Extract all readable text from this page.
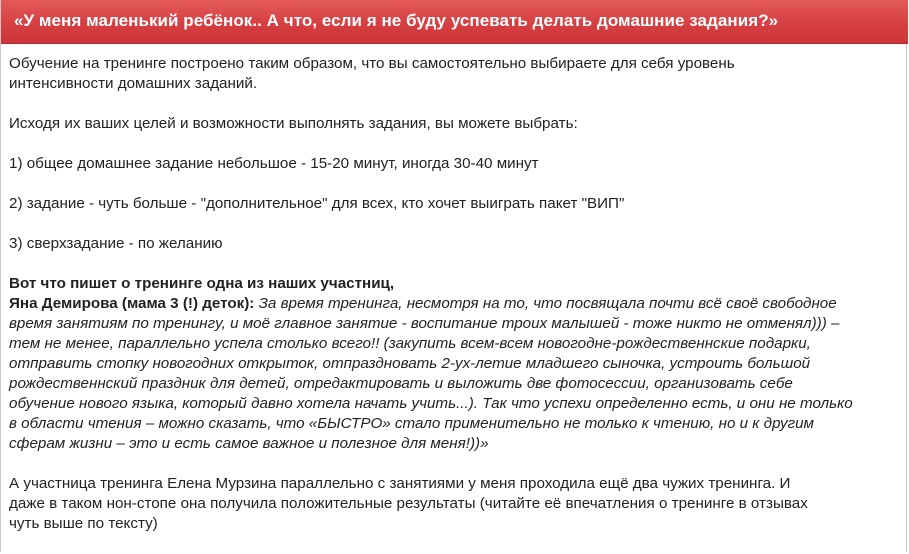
«У меня маленький ребёнок.. А что, если я не буду успевать делать домашние задания?»

Обучение на тренинге построено таким образом, что вы самостоятельно выбираете для себя уровень
интенсивности домашних заданий.

Исходя их ваших целей и возможности выполнять задания, вы можете выбрать:

1) общее домашнее задание небольшое - 15-20 минут, иногда 30-40 минут

2) задание - чуть больше - "дополнительное" для всех, кто хочет выиграть пакет "ВИП"

3) сверхзадание - по желанию

Вот что пишет о тренинге одна из наших участниц,
Яна Демирова (мама 3 (!) деток): За время тренинга, несмотря на то, что посвящала почти всё своё свободное
время занятиям по тренингу, и моё главное занятие - воспитание троих малышей - тоже никто не отменял))) –
тем не менее, параллельно успела столько всего!! (закупить всем-всем новогодне-рождественнские подарки,
отправить стопку новогодних открыток, отпраздновать 2-ух-летие младшего сыночка, устроить большой
рождественнский праздник для детей, отредактировать и выложить две фотосессии, организовать себе
обучение нового языка, который давно хотела начать учить...). Так что успехи определенно есть, и они не только
в области чтения – можно сказать, что «БЫСТРО» стало применительно не только к чтению, но и к другим
сферам жизни – это и есть самое важное и полезное для меня!))»

А участница тренинга Елена Мурзина параллельно с занятиями у меня проходила ещё два чужих тренинга. И
даже в таком нон-стопе она получила положительные результаты (читайте её впечатления о тренинге в отзывах
чуть выше по тексту)
